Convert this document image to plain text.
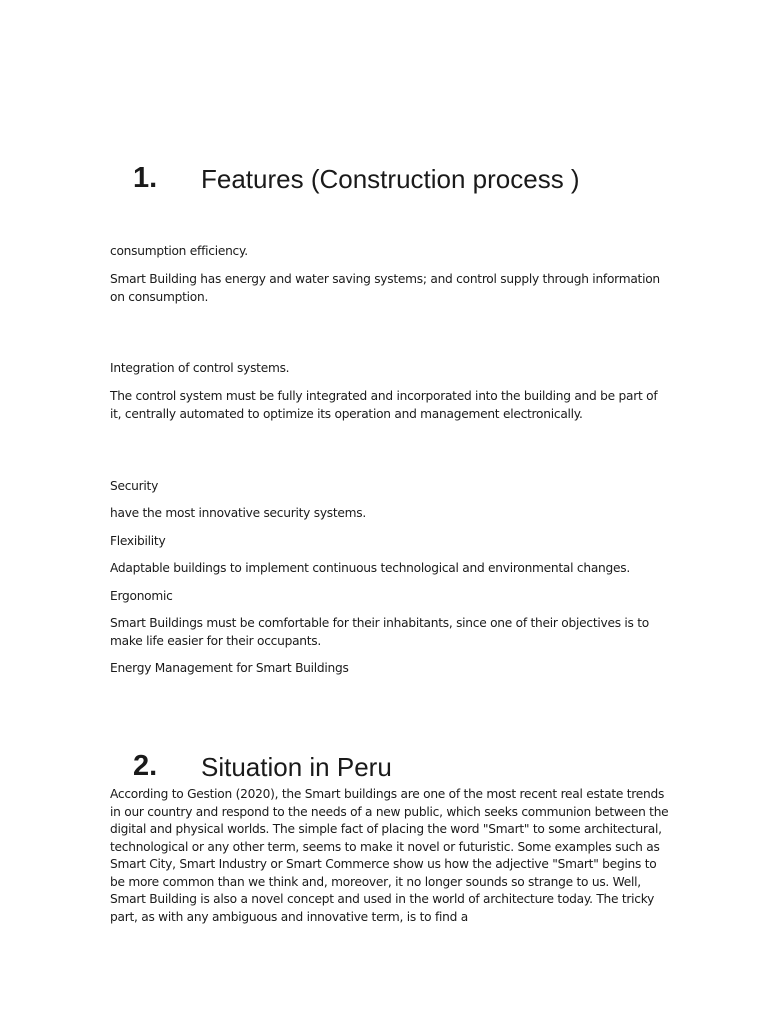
1. Features (Construction process )

consumption efficiency.

Smart Building has energy and water saving systems; and control supply through information on consumption.

Integration of control systems.

The control system must be fully integrated and incorporated into the building and be part of it, centrally automated to optimize its operation and management electronically.

Security

have the most innovative security systems.

Flexibility

Adaptable buildings to implement continuous technological and environmental changes.

Ergonomic

Smart Buildings must be comfortable for their inhabitants, since one of their objectives is to make life easier for their occupants.

Energy Management for Smart Buildings

2. Situation in Peru

According to Gestion (2020), the Smart buildings are one of the most recent real estate trends in our country and respond to the needs of a new public, which seeks communion between the digital and physical worlds. The simple fact of placing the word "Smart" to some architectural, technological or any other term, seems to make it novel or futuristic. Some examples such as Smart City, Smart Industry or Smart Commerce show us how the adjective "Smart" begins to be more common than we think and, moreover, it no longer sounds so strange to us. Well, Smart Building is also a novel concept and used in the world of architecture today. The tricky part, as with any ambiguous and innovative term, is to find a
